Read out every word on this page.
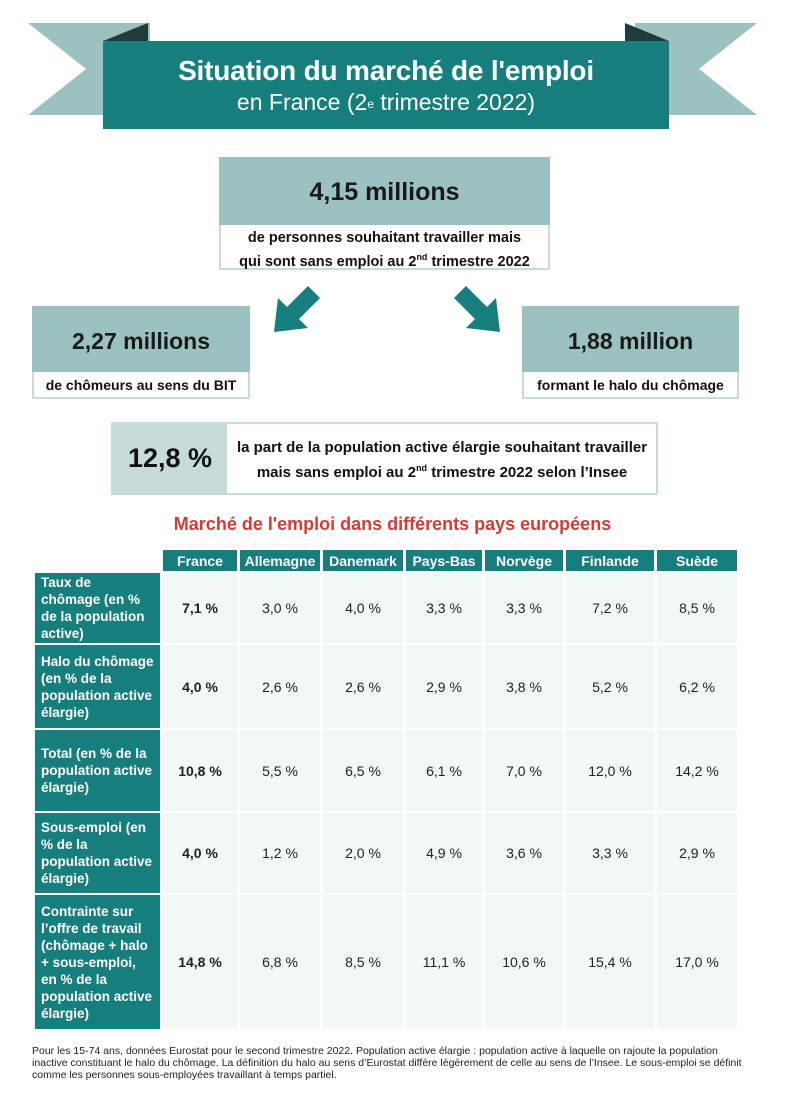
Situation du marché de l'emploi
en France (2e trimestre 2022)
4,15 millions
de personnes souhaitant travailler mais
qui sont sans emploi au 2nd trimestre 2022
2,27 millions
de chômeurs au sens du BIT
1,88 million
formant le halo du chômage
12,8 %	la part de la population active élargie souhaitant travailler
mais sans emploi au 2nd trimestre 2022 selon l’Insee
Marché de l'emploi dans différents pays européens
	France	Allemagne	Danemark	Pays-Bas	Norvège	Finlande	Suède
Taux de chômage (en % de la population active)	7,1 %	3,0 %	4,0 %	3,3 %	3,3 %	7,2 %	8,5 %
Halo du chômage (en % de la population active élargie)	4,0 %	2,6 %	2,6 %	2,9 %	3,8 %	5,2 %	6,2 %
Total (en % de la population active élargie)	10,8 %	5,5 %	6,5 %	6,1 %	7,0 %	12,0 %	14,2 %
Sous-emploi (en % de la population active élargie)	4,0 %	1,2 %	2,0 %	4,9 %	3,6 %	3,3 %	2,9 %
Contrainte sur l’offre de travail (chômage + halo + sous-emploi, en % de la population active élargie)	14,8 %	6,8 %	8,5 %	11,1 %	10,6 %	15,4 %	17,0 %
Pour les 15-74 ans, données Eurostat pour le second trimestre 2022. Population active élargie : population active à laquelle on rajoute la population inactive constituant le halo du chômage. La définition du halo au sens d’Eurostat diffère légèrement de celle au sens de l’Insee. Le sous-emploi se définit comme les personnes sous-employées travaillant à temps partiel.
